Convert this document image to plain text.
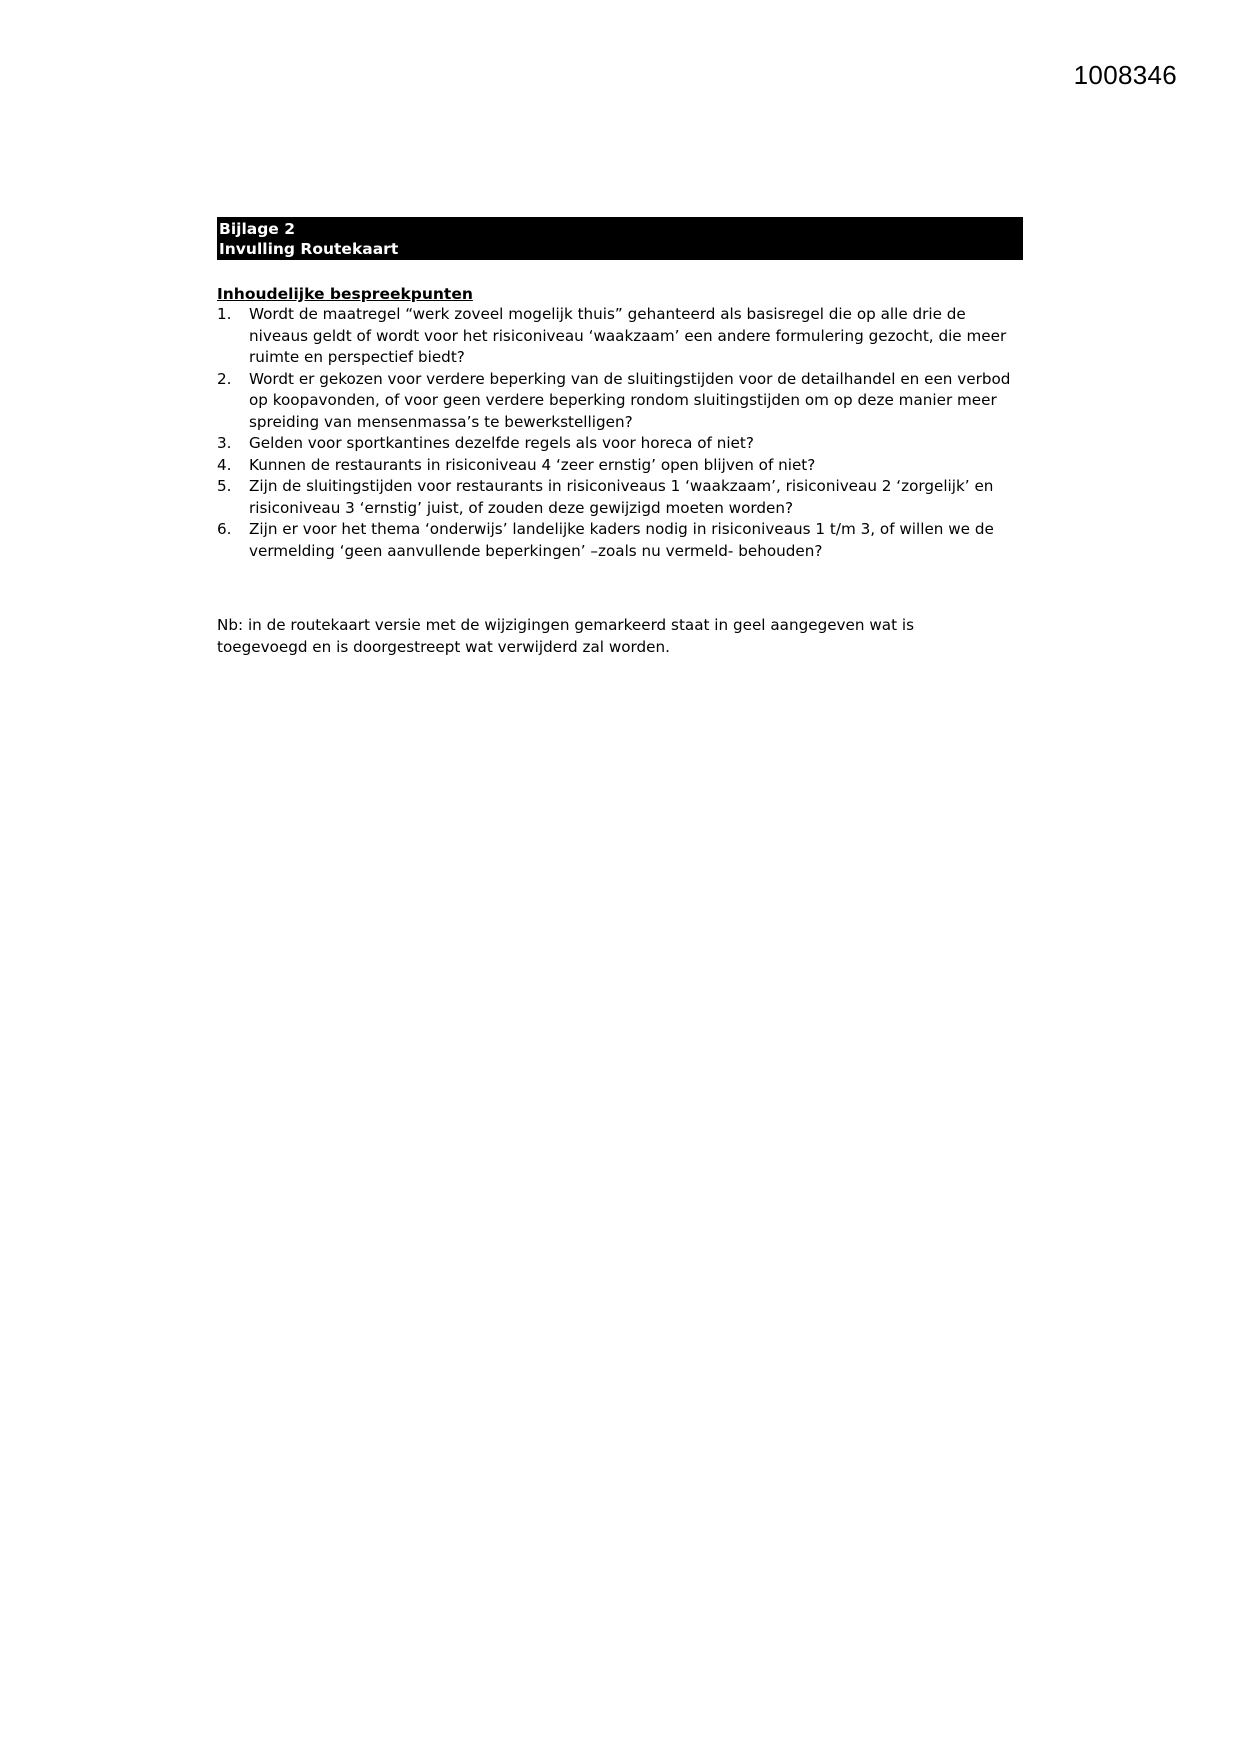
1008346
Bijlage 2
Invulling Routekaart
Inhoudelijke bespreekpunten
1. Wordt de maatregel “werk zoveel mogelijk thuis” gehanteerd als basisregel die op alle drie de niveaus geldt of wordt voor het risiconiveau ‘waakzaam’ een andere formulering gezocht, die meer ruimte en perspectief biedt?
2. Wordt er gekozen voor verdere beperking van de sluitingstijden voor de detailhandel en een verbod op koopavonden, of voor geen verdere beperking rondom sluitingstijden om op deze manier meer spreiding van mensenmassa’s te bewerkstelligen?
3. Gelden voor sportkantines dezelfde regels als voor horeca of niet?
4. Kunnen de restaurants in risiconiveau 4 ‘zeer ernstig’ open blijven of niet?
5. Zijn de sluitingstijden voor restaurants in risiconiveaus 1 ‘waakzaam’, risiconiveau 2 ‘zorgelijk’ en risiconiveau 3 ‘ernstig’ juist, of zouden deze gewijzigd moeten worden?
6. Zijn er voor het thema ‘onderwijs’ landelijke kaders nodig in risiconiveaus 1 t/m 3, of willen we de vermelding ‘geen aanvullende beperkingen’ –zoals nu vermeld- behouden?

Nb: in de routekaart versie met de wijzigingen gemarkeerd staat in geel aangegeven wat is toegevoegd en is doorgestreept wat verwijderd zal worden.
